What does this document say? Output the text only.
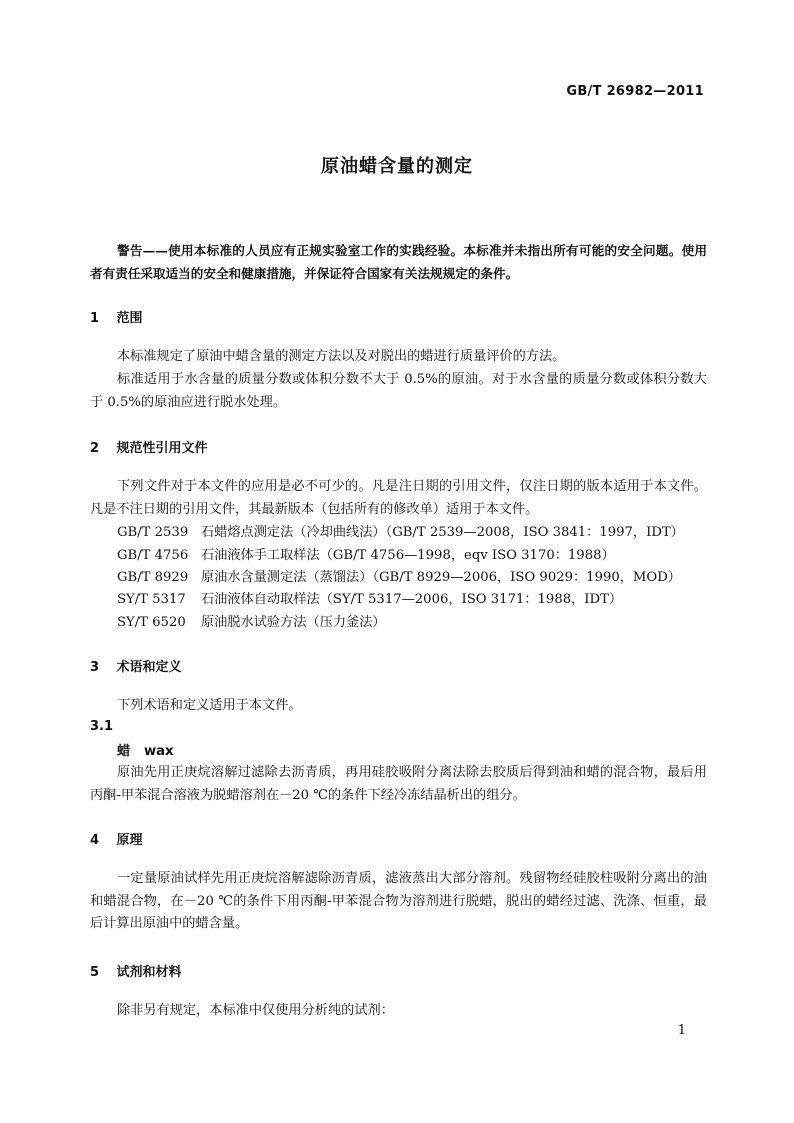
GB/T 26982—2011
原油蜡含量的测定
警告——使用本标准的人员应有正规实验室工作的实践经验。本标准并未指出所有可能的安全问题。使用者有责任采取适当的安全和健康措施，并保证符合国家有关法规规定的条件。
1 范围
本标准规定了原油中蜡含量的测定方法以及对脱出的蜡进行质量评价的方法。
标准适用于水含量的质量分数或体积分数不大于 0.5%的原油。对于水含量的质量分数或体积分数大于 0.5%的原油应进行脱水处理。
2 规范性引用文件
下列文件对于本文件的应用是必不可少的。凡是注日期的引用文件，仅注日期的版本适用于本文件。凡是不注日期的引用文件，其最新版本（包括所有的修改单）适用于本文件。
GB/T 2539 石蜡熔点测定法（冷却曲线法）（GB/T 2539—2008，ISO 3841：1997，IDT）
GB/T 4756 石油液体手工取样法（GB/T 4756—1998，eqv ISO 3170：1988）
GB/T 8929 原油水含量测定法（蒸馏法）（GB/T 8929—2006，ISO 9029：1990，MOD）
SY/T 5317 石油液体自动取样法（SY/T 5317—2006，ISO 3171：1988，IDT）
SY/T 6520 原油脱水试验方法（压力釜法）
3 术语和定义
下列术语和定义适用于本文件。
3.1
蜡 wax
原油先用正庚烷溶解过滤除去沥青质，再用硅胶吸附分离法除去胶质后得到油和蜡的混合物，最后用丙酮-甲苯混合溶液为脱蜡溶剂在－20 ℃的条件下经冷冻结晶析出的组分。
4 原理
一定量原油试样先用正庚烷溶解滤除沥青质，滤液蒸出大部分溶剂。残留物经硅胶柱吸附分离出的油和蜡混合物，在－20 ℃的条件下用丙酮-甲苯混合物为溶剂进行脱蜡，脱出的蜡经过滤、洗涤、恒重，最后计算出原油中的蜡含量。
5 试剂和材料
除非另有规定，本标准中仅使用分析纯的试剂：
1
